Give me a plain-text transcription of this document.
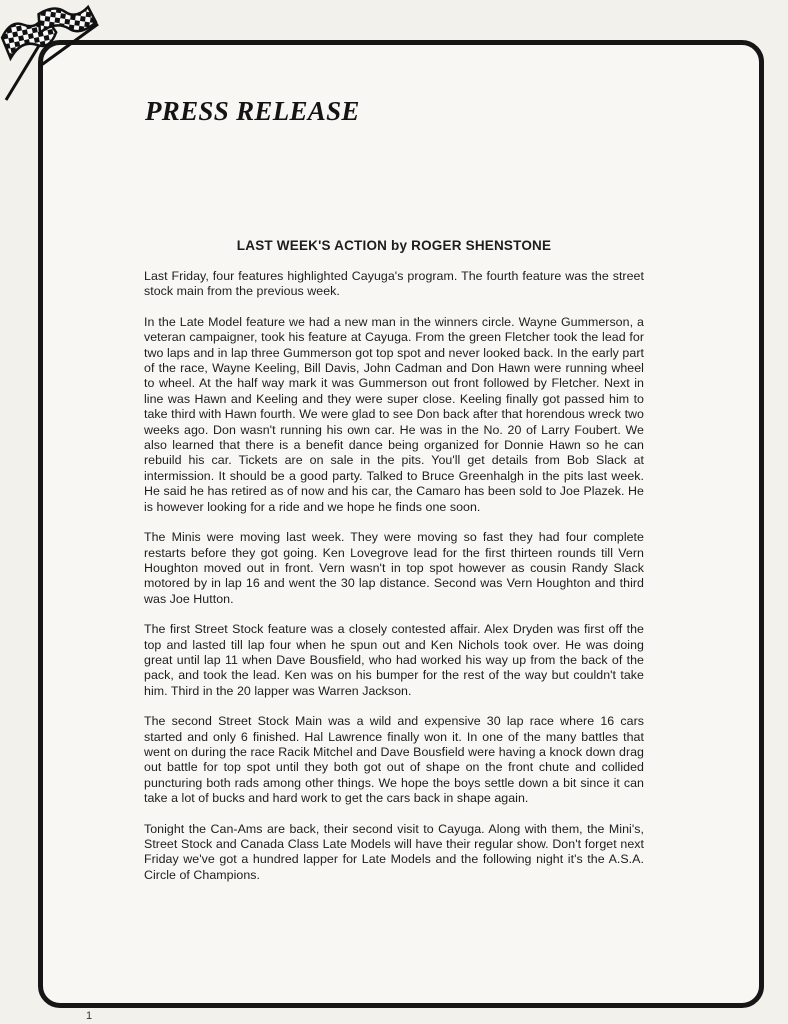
PRESS RELEASE
LAST WEEK'S ACTION by ROGER SHENSTONE

Last Friday, four features highlighted Cayuga's program. The fourth feature was the street stock main from the previous week.

In the Late Model feature we had a new man in the winners circle. Wayne Gummerson, a veteran campaigner, took his feature at Cayuga. From the green Fletcher took the lead for two laps and in lap three Gummerson got top spot and never looked back. In the early part of the race, Wayne Keeling, Bill Davis, John Cadman and Don Hawn were running wheel to wheel. At the half way mark it was Gummerson out front followed by Fletcher. Next in line was Hawn and Keeling and they were super close. Keeling finally got passed him to take third with Hawn fourth. We were glad to see Don back after that horendous wreck two weeks ago. Don wasn't running his own car. He was in the No. 20 of Larry Foubert. We also learned that there is a benefit dance being organized for Donnie Hawn so he can rebuild his car. Tickets are on sale in the pits. You'll get details from Bob Slack at intermission. It should be a good party. Talked to Bruce Greenhalgh in the pits last week. He said he has retired as of now and his car, the Camaro has been sold to Joe Plazek. He is however looking for a ride and we hope he finds one soon.

The Minis were moving last week. They were moving so fast they had four complete restarts before they got going. Ken Lovegrove lead for the first thirteen rounds till Vern Houghton moved out in front. Vern wasn't in top spot however as cousin Randy Slack motored by in lap 16 and went the 30 lap distance. Second was Vern Houghton and third was Joe Hutton.

The first Street Stock feature was a closely contested affair. Alex Dryden was first off the top and lasted till lap four when he spun out and Ken Nichols took over. He was doing great until lap 11 when Dave Bousfield, who had worked his way up from the back of the pack, and took the lead. Ken was on his bumper for the rest of the way but couldn't take him. Third in the 20 lapper was Warren Jackson.

The second Street Stock Main was a wild and expensive 30 lap race where 16 cars started and only 6 finished. Hal Lawrence finally won it. In one of the many battles that went on during the race Racik Mitchel and Dave Bousfield were having a knock down drag out battle for top spot until they both got out of shape on the front chute and collided puncturing both rads among other things. We hope the boys settle down a bit since it can take a lot of bucks and hard work to get the cars back in shape again.

Tonight the Can-Ams are back, their second visit to Cayuga. Along with them, the Mini's, Street Stock and Canada Class Late Models will have their regular show. Don't forget next Friday we've got a hundred lapper for Late Models and the following night it's the A.S.A. Circle of Champions.

1
